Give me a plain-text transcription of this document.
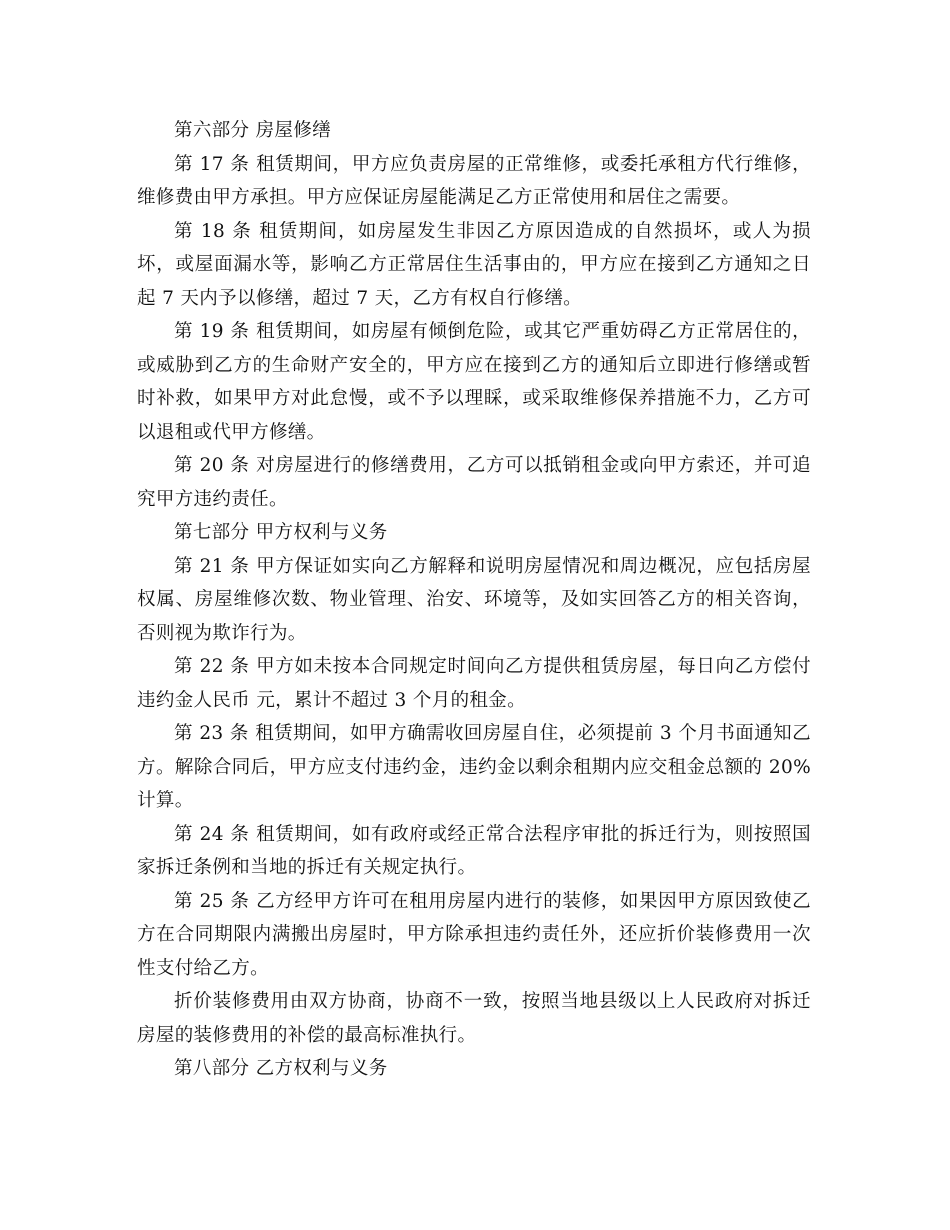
第六部分 房屋修缮

第 17 条 租赁期间，甲方应负责房屋的正常维修，或委托承租方代行维修，维修费由甲方承担。甲方应保证房屋能满足乙方正常使用和居住之需要。

第 18 条 租赁期间，如房屋发生非因乙方原因造成的自然损坏，或人为损坏，或屋面漏水等，影响乙方正常居住生活事由的，甲方应在接到乙方通知之日起 7 天内予以修缮，超过 7 天，乙方有权自行修缮。

第 19 条 租赁期间，如房屋有倾倒危险，或其它严重妨碍乙方正常居住的，或威胁到乙方的生命财产安全的，甲方应在接到乙方的通知后立即进行修缮或暂时补救，如果甲方对此怠慢，或不予以理睬，或采取维修保养措施不力，乙方可以退租或代甲方修缮。

第 20 条 对房屋进行的修缮费用，乙方可以抵销租金或向甲方索还，并可追究甲方违约责任。

第七部分 甲方权利与义务

第 21 条 甲方保证如实向乙方解释和说明房屋情况和周边概况，应包括房屋权属、房屋维修次数、物业管理、治安、环境等，及如实回答乙方的相关咨询，否则视为欺诈行为。

第 22 条 甲方如未按本合同规定时间向乙方提供租赁房屋，每日向乙方偿付违约金人民币 元，累计不超过 3 个月的租金。

第 23 条 租赁期间，如甲方确需收回房屋自住，必须提前 3 个月书面通知乙方。解除合同后，甲方应支付违约金，违约金以剩余租期内应交租金总额的 20%计算。

第 24 条 租赁期间，如有政府或经正常合法程序审批的拆迁行为，则按照国家拆迁条例和当地的拆迁有关规定执行。

第 25 条 乙方经甲方许可在租用房屋内进行的装修，如果因甲方原因致使乙方在合同期限内满搬出房屋时，甲方除承担违约责任外，还应折价装修费用一次性支付给乙方。

折价装修费用由双方协商，协商不一致，按照当地县级以上人民政府对拆迁房屋的装修费用的补偿的最高标准执行。

第八部分 乙方权利与义务
